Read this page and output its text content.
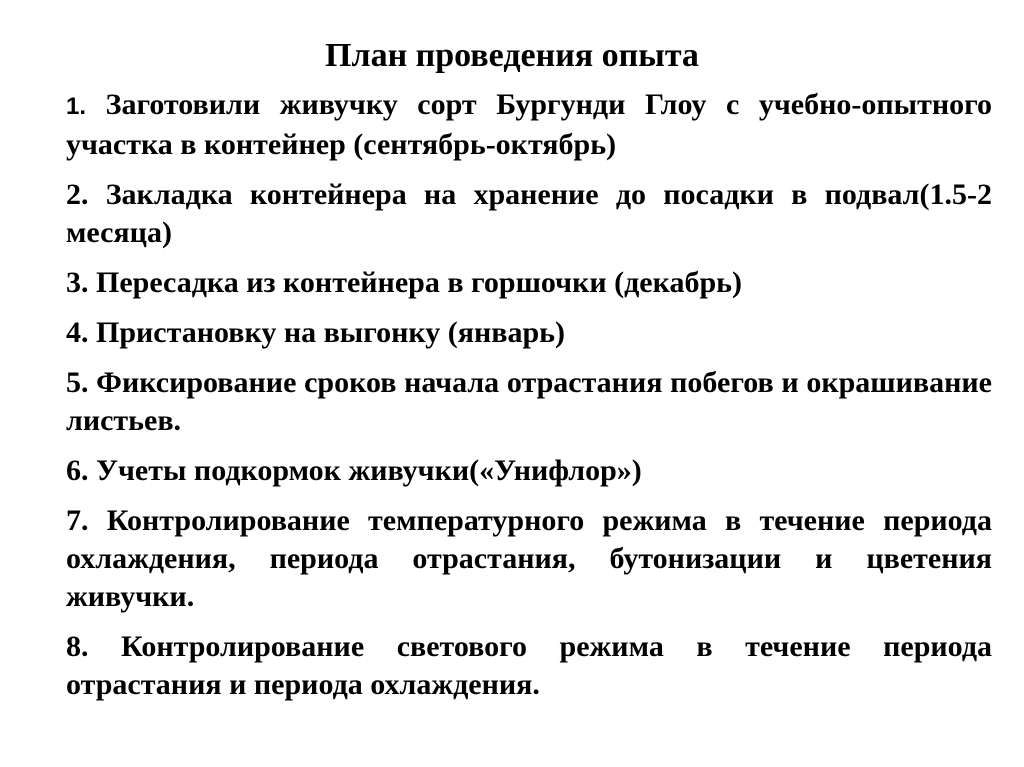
План проведения опыта
1. Заготовили живучку сорт Бургунди Глоу с учебно-опытного участка в контейнер (сентябрь-октябрь)
2. Закладка контейнера на хранение до посадки в подвал(1.5-2 месяца)
3. Пересадка из контейнера в горшочки (декабрь)
4. Пристановку на выгонку (январь)
5. Фиксирование сроков начала отрастания побегов и окрашивание листьев.
6. Учеты подкормок живучки(«Унифлор»)
7. Контролирование температурного режима в течение периода охлаждения, периода отрастания, бутонизации и цветения живучки.
8. Контролирование светового режима в течение периода отрастания и периода охлаждения.
